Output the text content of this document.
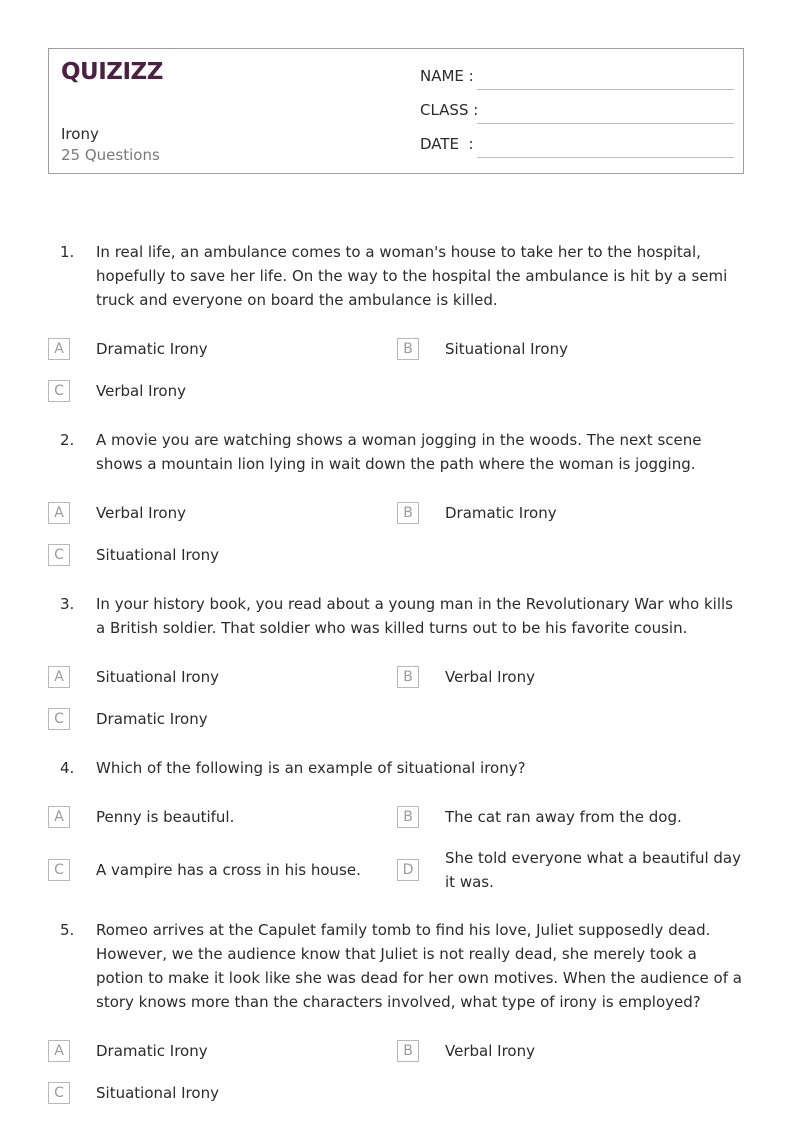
QUIZIZZ
Irony
25 Questions
NAME :
CLASS :
DATE  :
1. In real life, an ambulance comes to a woman's house to take her to the hospital, hopefully to save her life. On the way to the hospital the ambulance is hit by a semi truck and everyone on board the ambulance is killed.
A	Dramatic Irony	B	Situational Irony
C	Verbal Irony
2. A movie you are watching shows a woman jogging in the woods. The next scene shows a mountain lion lying in wait down the path where the woman is jogging.
A	Verbal Irony	B	Dramatic Irony
C	Situational Irony
3. In your history book, you read about a young man in the Revolutionary War who kills a British soldier. That soldier who was killed turns out to be his favorite cousin.
A	Situational Irony	B	Verbal Irony
C	Dramatic Irony
4. Which of the following is an example of situational irony?
A	Penny is beautiful.	B	The cat ran away from the dog.
C	A vampire has a cross in his house.	D
She told everyone what a beautiful day it was.
5. Romeo arrives at the Capulet family tomb to find his love, Juliet supposedly dead. However, we the audience know that Juliet is not really dead, she merely took a potion to make it look like she was dead for her own motives. When the audience of a story knows more than the characters involved, what type of irony is employed?
A	Dramatic Irony	B	Verbal Irony
C	Situational Irony
